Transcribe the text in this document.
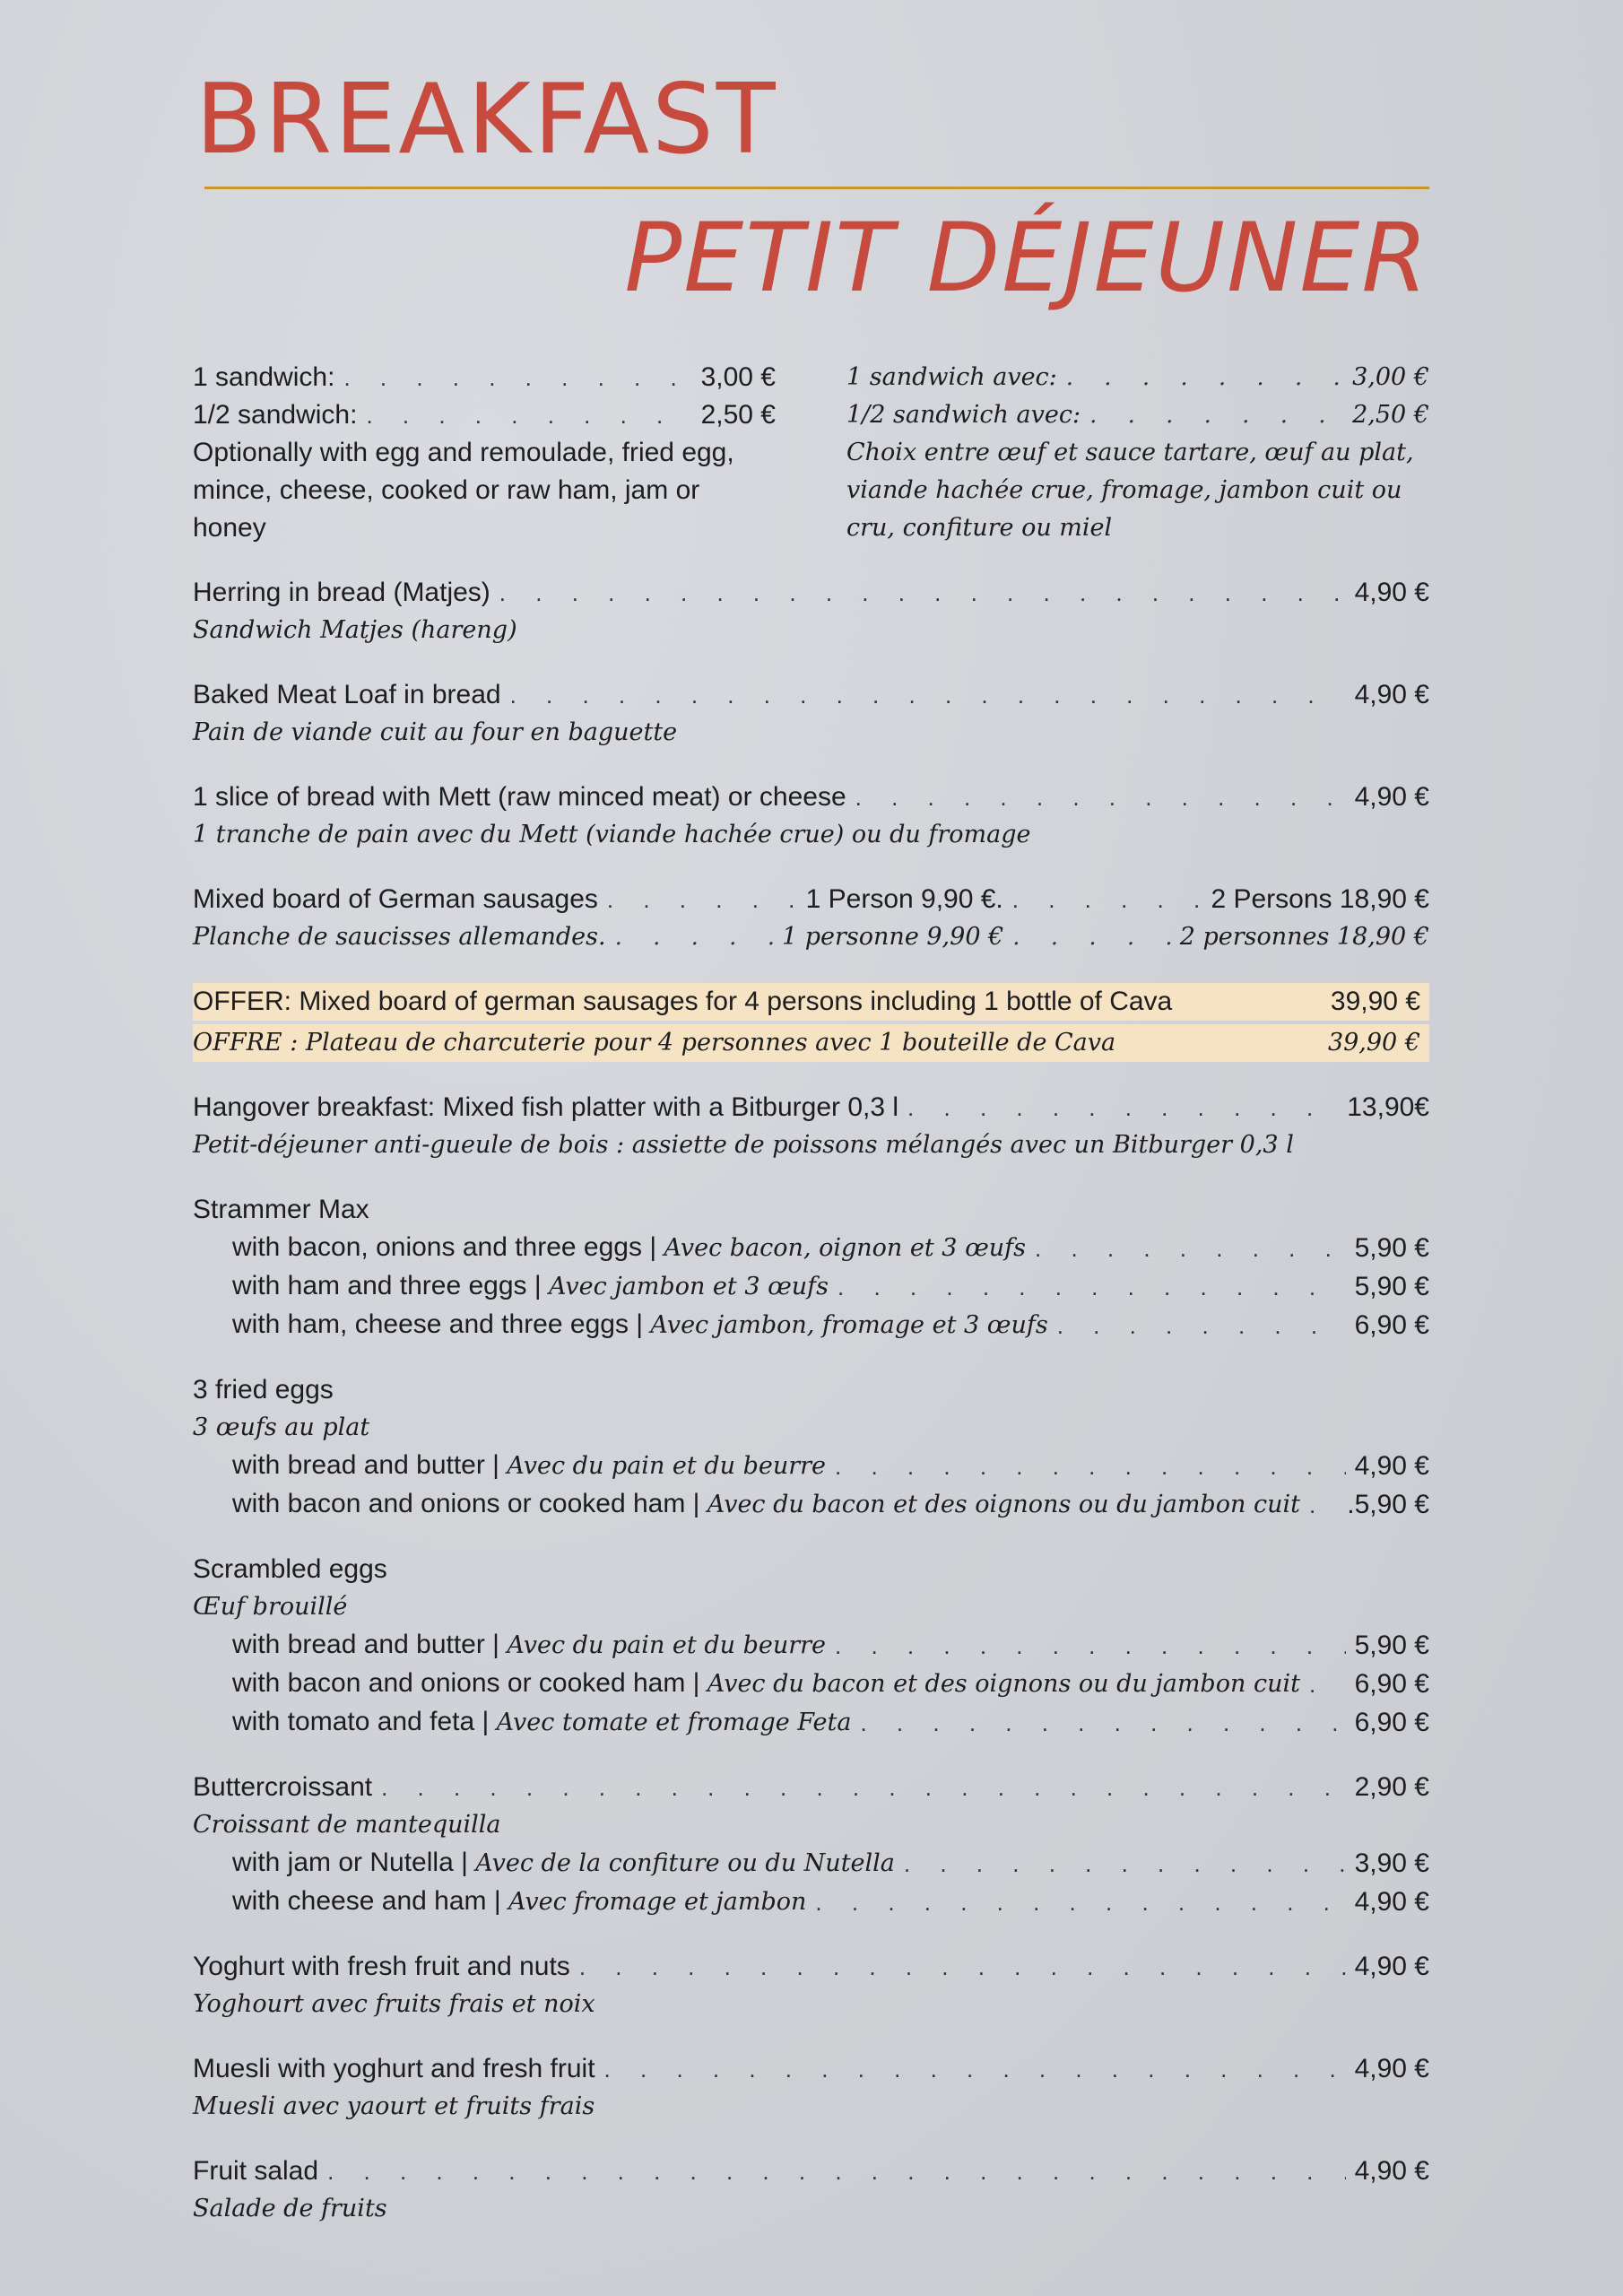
BREAKFAST
PETIT DÉJEUNER
1 sandwich: . . .	3,00 €
1/2 sandwich: . . .	2,50 €
Optionally with egg and remoulade, fried egg, mince, cheese, cooked or raw ham, jam or honey
1 sandwich avec: . . .	3,00 €
1/2 sandwich avec: . . .	2,50 €
Choix entre œuf et sauce tartare, œuf au plat, viande hachée crue, fromage, jambon cuit ou cru, confiture ou miel
Herring in bread (Matjes) . . .	4,90 €
Sandwich Matjes (hareng)
Baked Meat Loaf in bread . . .	4,90 €
Pain de viande cuit au four en baguette
1 slice of bread with Mett (raw minced meat) or cheese . . .	4,90 €
1 tranche de pain avec du Mett (viande hachée crue) ou du fromage
Mixed board of German sausages . . .	1 Person 9,90 €. . . .	2 Persons 18,90 €
Planche de saucisses allemandes. . . .	1 personne 9,90 € . . .	2 personnes 18,90 €
OFFER: Mixed board of german sausages for 4 persons including 1 bottle of Cava	39,90 €
OFFRE : Plateau de charcuterie pour 4 personnes avec 1 bouteille de Cava	39,90 €
Hangover breakfast: Mixed fish platter with a Bitburger 0,3 l . . .	13,90€
Petit-déjeuner anti-gueule de bois : assiette de poissons mélangés avec un Bitburger 0,3 l
Strammer Max
with bacon, onions and three eggs | Avec bacon, oignon et 3 œufs . . .	5,90 €
with ham and three eggs | Avec jambon et 3 œufs . . .	5,90 €
with ham, cheese and three eggs | Avec jambon, fromage et 3 œufs . . .	6,90 €
3 fried eggs
3 œufs au plat
with bread and butter | Avec du pain et du beurre . . .	4,90 €
with bacon and onions or cooked ham | Avec du bacon et des oignons ou du jambon cuit . . . .5,90 €
Scrambled eggs
Œuf brouillé
with bread and butter | Avec du pain et du beurre . . .	5,90 €
with bacon and onions or cooked ham | Avec du bacon et des oignons ou du jambon cuit . . . 6,90 €
with tomato and feta | Avec tomate et fromage Feta . . .	6,90 €
Buttercroissant . . .	2,90 €
Croissant de mantequilla
with jam or Nutella | Avec de la confiture ou du Nutella . . .	3,90 €
with cheese and ham | Avec fromage et jambon . . .	4,90 €
Yoghurt with fresh fruit and nuts . . .	4,90 €
Yoghourt avec fruits frais et noix
Muesli with yoghurt and fresh fruit . . .	4,90 €
Muesli avec yaourt et fruits frais
Fruit salad . . .	4,90 €
Salade de fruits
